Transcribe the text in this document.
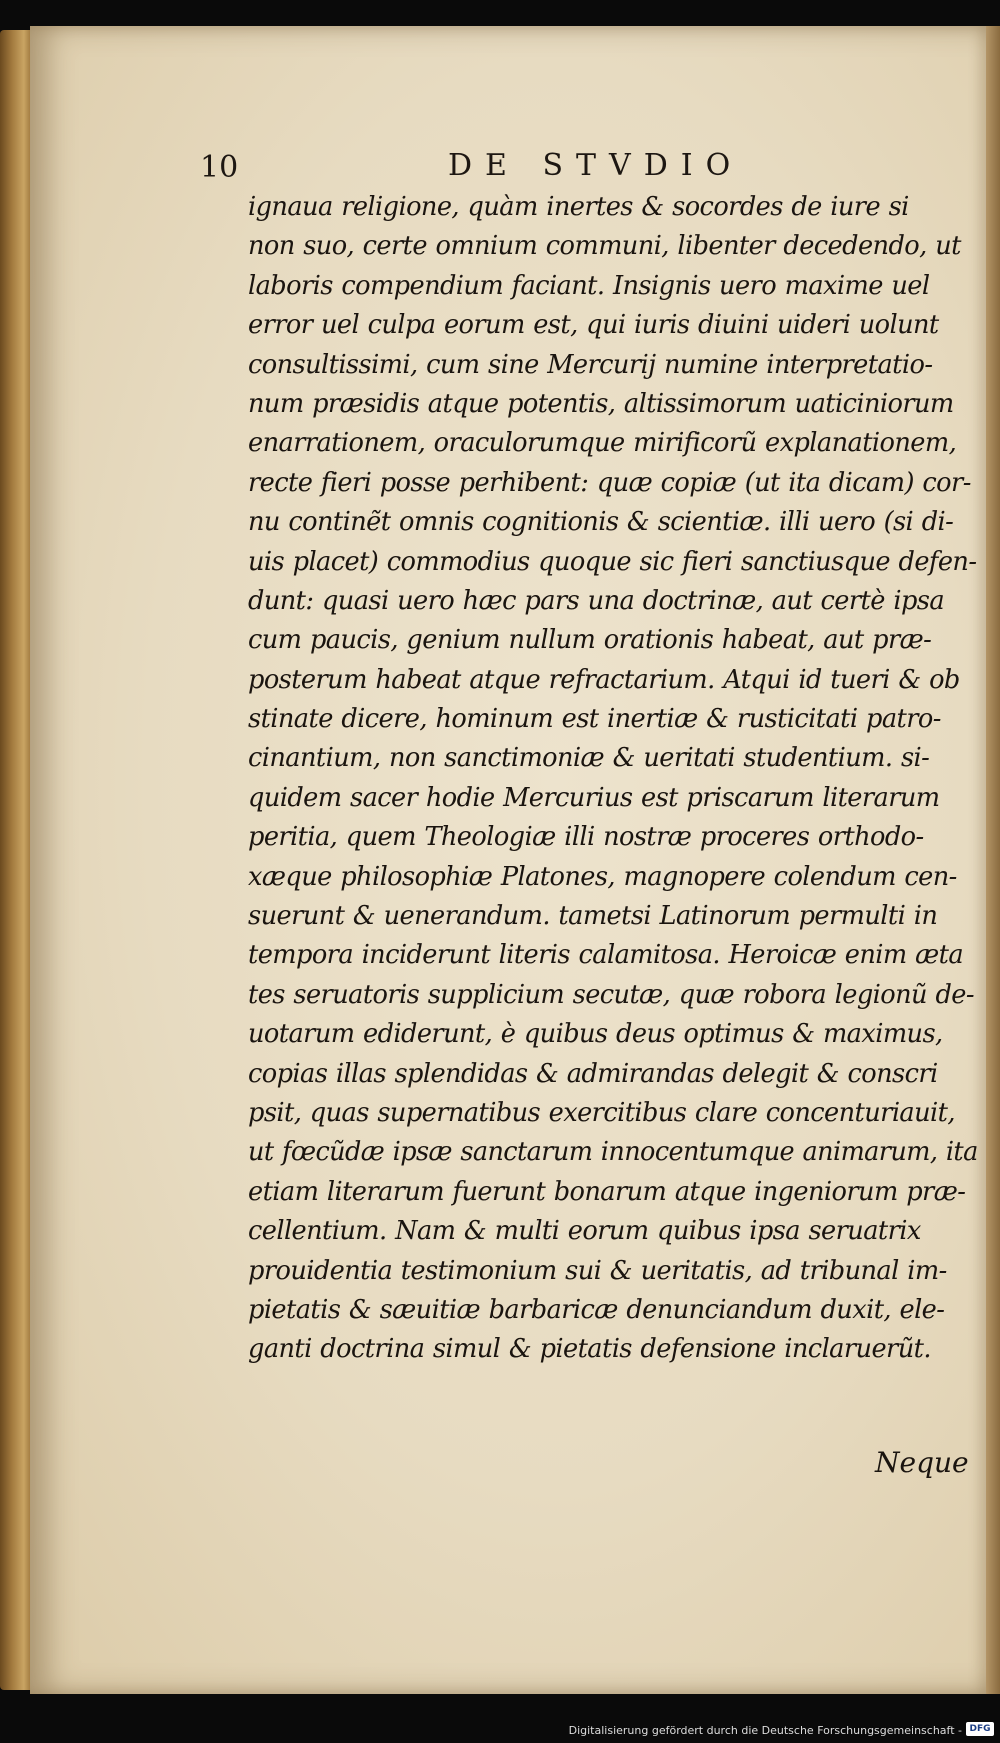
10	DE STVDIO
ignaua religione, quàm inertes & socordes de iure si
non suo, certe omnium communi, libenter decedendo, ut
laboris compendium faciant. Insignis uero maxime uel
error uel culpa eorum est, qui iuris diuini uideri uolunt
consultissimi, cum sine Mercurij numine interpretatio-
num præsidis atque potentis, altissimorum uaticiniorum
enarrationem, oraculorumque mirificorũ explanationem,
recte fieri posse perhibent: quæ copiæ (ut ita dicam) cor-
nu continẽt omnis cognitionis & scientiæ. illi uero (si di-
uis placet) commodius quoque sic fieri sanctiusque defen-
dunt: quasi uero hæc pars una doctrinæ, aut certè ipsa
cum paucis, genium nullum orationis habeat, aut præ-
posterum habeat atque refractarium. Atqui id tueri & ob
stinate dicere, hominum est inertiæ & rusticitati patro-
cinantium, non sanctimoniæ & ueritati studentium. si-
quidem sacer hodie Mercurius est priscarum literarum
peritia, quem Theologiæ illi nostræ proceres orthodo-
xæque philosophiæ Platones, magnopere colendum cen-
suerunt & uenerandum. tametsi Latinorum permulti in
tempora inciderunt literis calamitosa. Heroicæ enim æta
tes seruatoris supplicium secutæ, quæ robora legionũ de-
uotarum ediderunt, è quibus deus optimus & maximus,
copias illas splendidas & admirandas delegit & conscri
psit, quas supernatibus exercitibus clare concenturiauit,
ut fœcũdæ ipsæ sanctarum innocentumque animarum, ita
etiam literarum fuerunt bonarum atque ingeniorum præ-
cellentium. Nam & multi eorum quibus ipsa seruatrix
prouidentia testimonium sui & ueritatis, ad tribunal im-
pietatis & sæuitiæ barbaricæ denunciandum duxit, ele-
ganti doctrina simul & pietatis defensione inclaruerũt.
Neque
Digitalisierung gefördert durch die Deutsche Forschungsgemeinschaft - DFG
